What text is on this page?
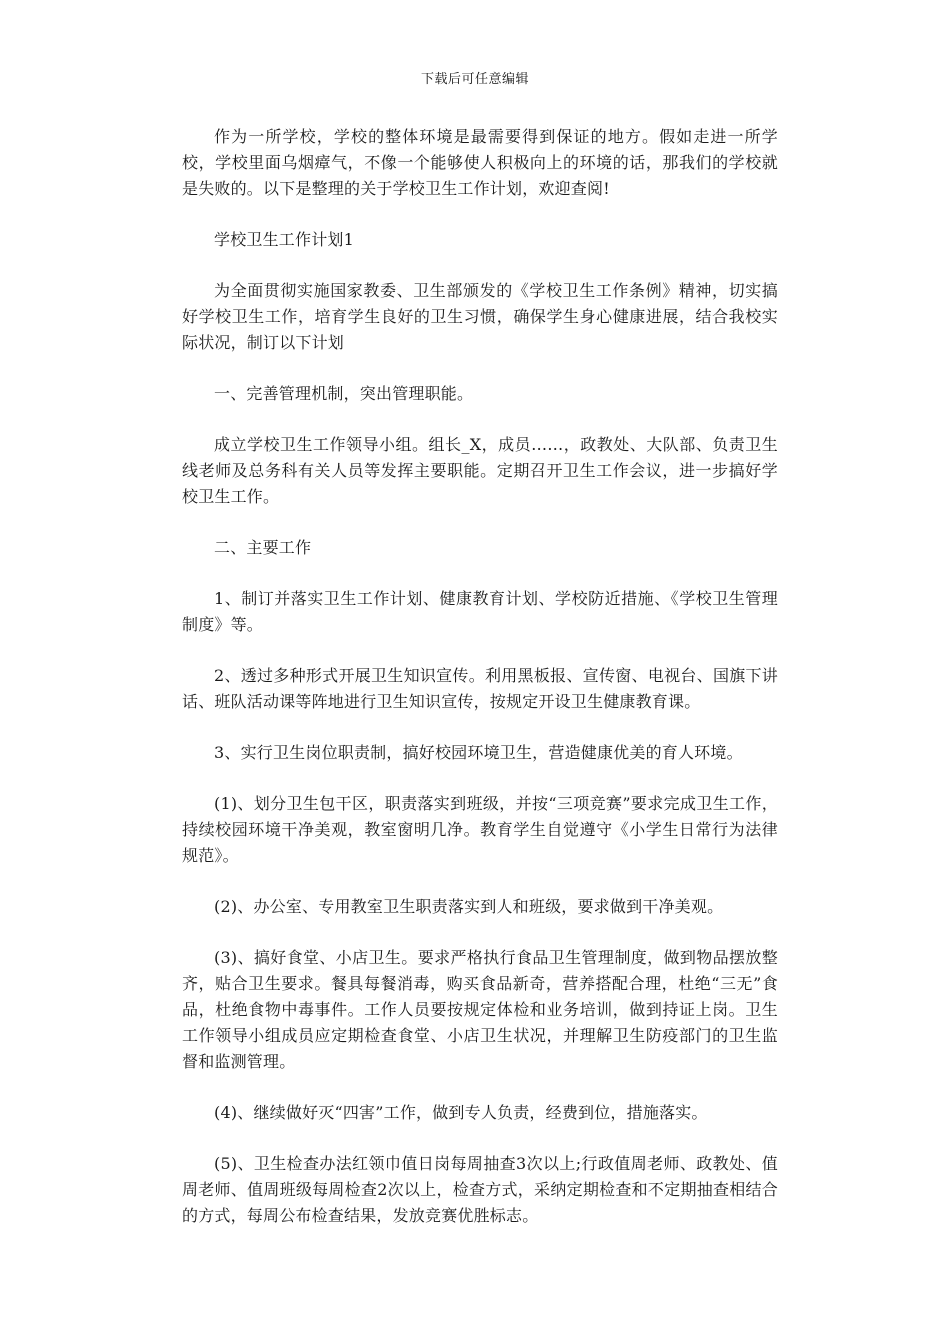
下载后可任意编辑

作为一所学校，学校的整体环境是最需要得到保证的地方。假如走进一所学校，学校里面乌烟瘴气，不像一个能够使人积极向上的环境的话，那我们的学校就是失败的。以下是整理的关于学校卫生工作计划，欢迎查阅!

学校卫生工作计划1

为全面贯彻实施国家教委、卫生部颁发的《学校卫生工作条例》精神，切实搞好学校卫生工作，培育学生良好的卫生习惯，确保学生身心健康进展，结合我校实际状况，制订以下计划

一、完善管理机制，突出管理职能。

成立学校卫生工作领导小组。组长_X，成员……，政教处、大队部、负责卫生线老师及总务科有关人员等发挥主要职能。定期召开卫生工作会议，进一步搞好学校卫生工作。

二、主要工作

1、制订并落实卫生工作计划、健康教育计划、学校防近措施、《学校卫生管理制度》等。

2、透过多种形式开展卫生知识宣传。利用黑板报、宣传窗、电视台、国旗下讲话、班队活动课等阵地进行卫生知识宣传，按规定开设卫生健康教育课。

3、实行卫生岗位职责制，搞好校园环境卫生，营造健康优美的育人环境。

(1)、划分卫生包干区，职责落实到班级，并按“三项竞赛”要求完成卫生工作，持续校园环境干净美观，教室窗明几净。教育学生自觉遵守《小学生日常行为法律规范》。

(2)、办公室、专用教室卫生职责落实到人和班级，要求做到干净美观。

(3)、搞好食堂、小店卫生。要求严格执行食品卫生管理制度，做到物品摆放整齐，贴合卫生要求。餐具每餐消毒，购买食品新奇，营养搭配合理，杜绝“三无”食品，杜绝食物中毒事件。工作人员要按规定体检和业务培训，做到持证上岗。卫生工作领导小组成员应定期检查食堂、小店卫生状况，并理解卫生防疫部门的卫生监督和监测管理。

(4)、继续做好灭“四害”工作，做到专人负责，经费到位，措施落实。

(5)、卫生检查办法红领巾值日岗每周抽查3次以上;行政值周老师、政教处、值周老师、值周班级每周检查2次以上，检查方式，采纳定期检查和不定期抽查相结合的方式，每周公布检查结果，发放竞赛优胜标志。
